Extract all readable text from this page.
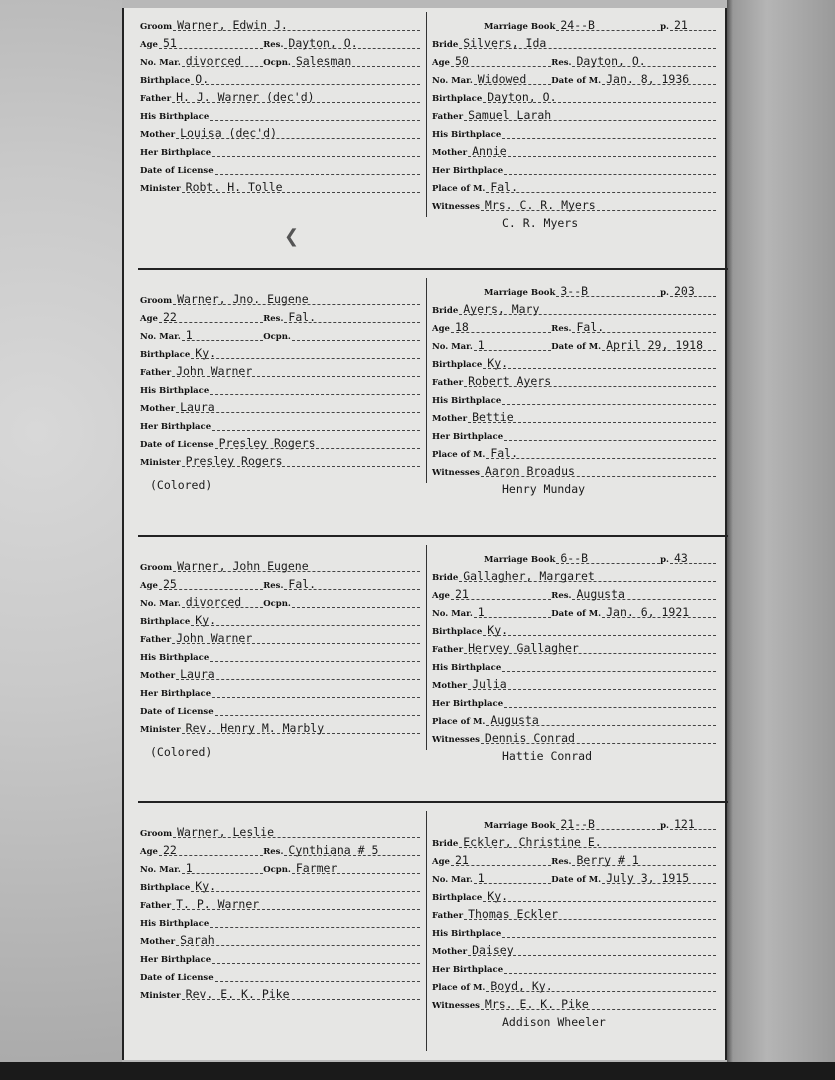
❮
Groom Warner, Edwin J.
Age 51	Res. Dayton, O.
No. Mar. divorced	Ocpn. Salesman
Birthplace O.
Father H. J. Warner (dec'd)
His Birthplace
Mother Louisa (dec'd)
Her Birthplace
Date of License
Minister Robt. H. Tolle
Marriage Book 24--B	p. 21
Bride Silvers, Ida
Age 50	Res. Dayton, O.
No. Mar. Widowed	Date of M. Jan. 8, 1936
Birthplace Dayton, O.
Father Samuel Larah
His Birthplace
Mother Annie
Her Birthplace
Place of M. Fal.
Witnesses Mrs. C. R. Myers
C. R. Myers
Groom Warner, Jno. Eugene
Age 22	Res. Fal.
No. Mar. 1	Ocpn.
Birthplace Ky.
Father John Warner
His Birthplace
Mother Laura
Her Birthplace
Date of License Presley Rogers
Minister Presley Rogers
(Colored)
Marriage Book 3--B	p. 203
Bride Ayers, Mary
Age 18	Res. Fal.
No. Mar. 1	Date of M. April 29, 1918
Birthplace Ky.
Father Robert Ayers
His Birthplace
Mother Bettie
Her Birthplace
Place of M. Fal.
Witnesses Aaron Broadus
Henry Munday
Groom Warner, John Eugene
Age 25	Res. Fal.
No. Mar. divorced	Ocpn.
Birthplace Ky.
Father John Warner
His Birthplace
Mother Laura
Her Birthplace
Date of License
Minister Rev. Henry M. Marbly
(Colored)
Marriage Book 6--B	p. 43
Bride Gallagher, Margaret
Age 21	Res. Augusta
No. Mar. 1	Date of M. Jan. 6, 1921
Birthplace Ky.
Father Hervey Gallagher
His Birthplace
Mother Julia
Her Birthplace
Place of M. Augusta
Witnesses Dennis Conrad
Hattie Conrad
Groom Warner, Leslie
Age 22	Res. Cynthiana # 5
No. Mar. 1	Ocpn. Farmer
Birthplace Ky.
Father T. P. Warner
His Birthplace
Mother Sarah
Her Birthplace
Date of License
Minister Rev. E. K. Pike
Marriage Book 21--B	p. 121
Bride Eckler, Christine E.
Age 21	Res. Berry # 1
No. Mar. 1	Date of M. July 3, 1915
Birthplace Ky.
Father Thomas Eckler
His Birthplace
Mother Daisey
Her Birthplace
Place of M. Boyd, Ky.
Witnesses Mrs. E. K. Pike
Addison Wheeler
